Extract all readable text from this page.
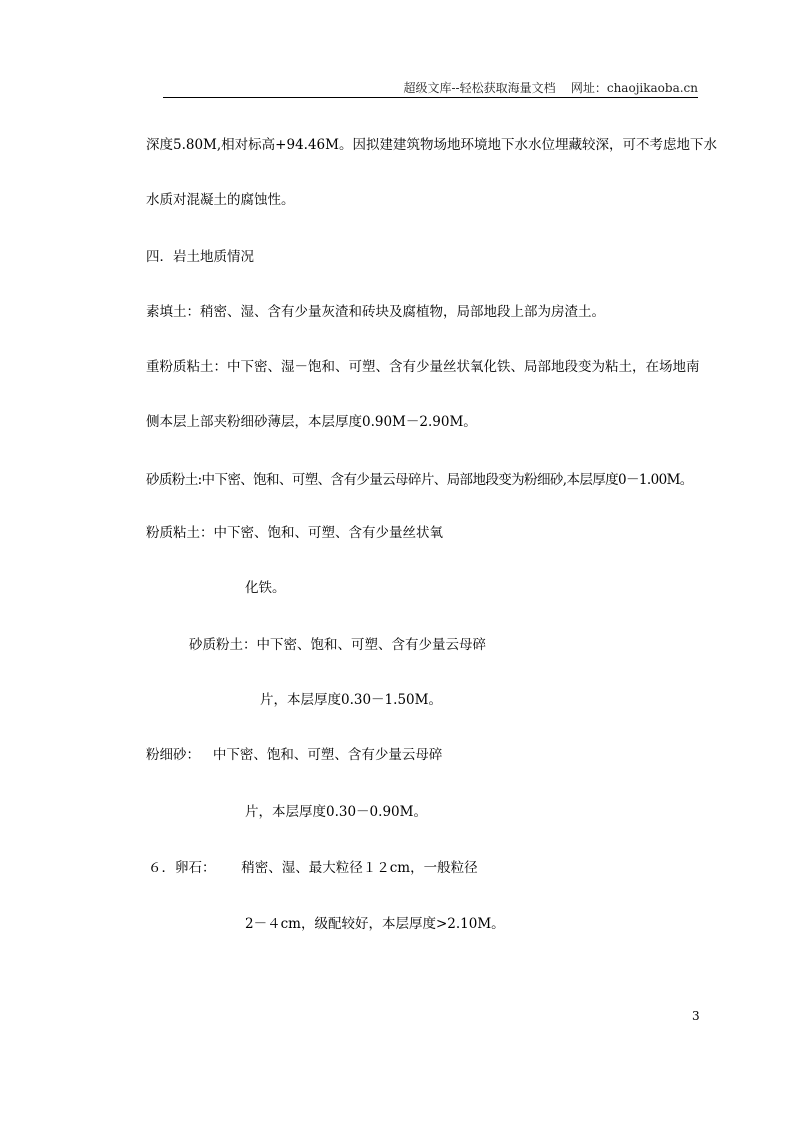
超级文库--轻松获取海量文档 网址：chaojikaoba.cn
深度5.80M,相对标高+94.46M。因拟建建筑物场地环境地下水水位埋藏较深，可不考虑地下水
水质对混凝土的腐蚀性。
四．岩土地质情况
素填土：稍密、湿、含有少量灰渣和砖块及腐植物，局部地段上部为房渣土。
重粉质粘土：中下密、湿－饱和、可塑、含有少量丝状氧化铁、局部地段变为粘土，在场地南
侧本层上部夹粉细砂薄层，本层厚度0.90M－2.90M。
砂质粉土:中下密、饱和、可塑、含有少量云母碎片、局部地段变为粉细砂,本层厚度0－1.00M。
粉质粘土：中下密、饱和、可塑、含有少量丝状氧
化铁。
砂质粉土：中下密、饱和、可塑、含有少量云母碎
片，本层厚度0.30－1.50M。
粉细砂：   中下密、饱和、可塑、含有少量云母碎
片，本层厚度0.30－0.90M。
６．卵石：      稍密、湿、最大粒径１２cm，一般粒径
2－４cm，级配较好，本层厚度>2.10M。
3
